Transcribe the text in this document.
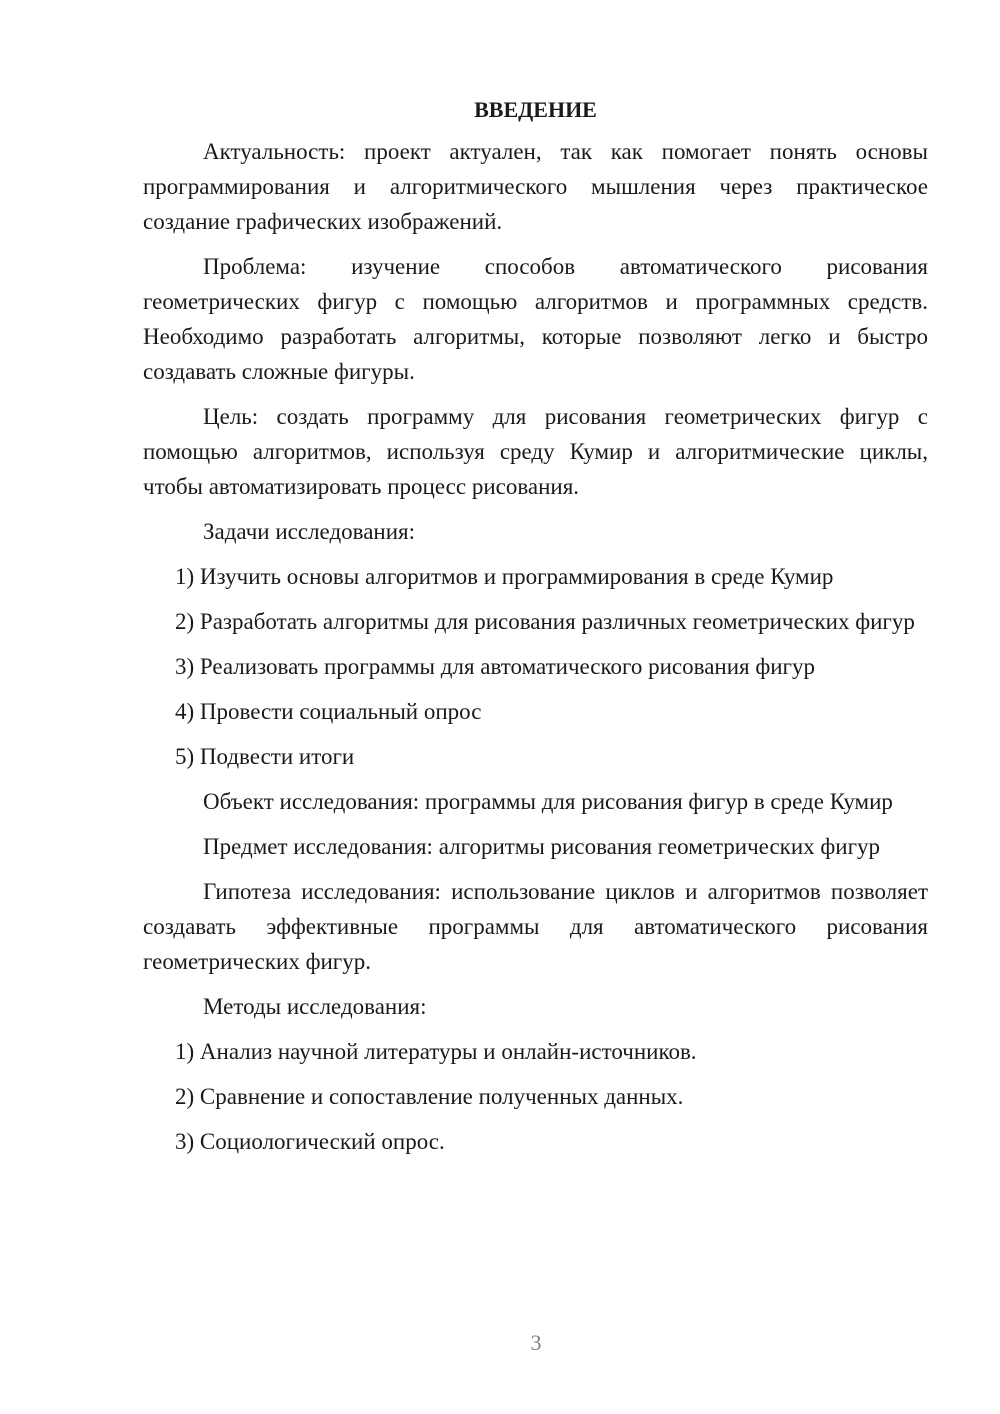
ВВЕДЕНИЕ

Актуальность: проект актуален, так как помогает понять основы программирования и алгоритмического мышления через практическое создание графических изображений.

Проблема: изучение способов автоматического рисования геометрических фигур с помощью алгоритмов и программных средств. Необходимо разработать алгоритмы, которые позволяют легко и быстро создавать сложные фигуры.

Цель: создать программу для рисования геометрических фигур с помощью алгоритмов, используя среду Кумир и алгоритмические циклы, чтобы автоматизировать процесс рисования.

Задачи исследования:

1) Изучить основы алгоритмов и программирования в среде Кумир

2) Разработать алгоритмы для рисования различных геометрических фигур

3) Реализовать программы для автоматического рисования фигур

4) Провести социальный опрос

5) Подвести итоги

Объект исследования: программы для рисования фигур в среде Кумир

Предмет исследования: алгоритмы рисования геометрических фигур

Гипотеза исследования: использование циклов и алгоритмов позволяет создавать эффективные программы для автоматического рисования геометрических фигур.

Методы исследования:

1) Анализ научной литературы и онлайн-источников.

2) Сравнение и сопоставление полученных данных.

3) Социологический опрос.

3
